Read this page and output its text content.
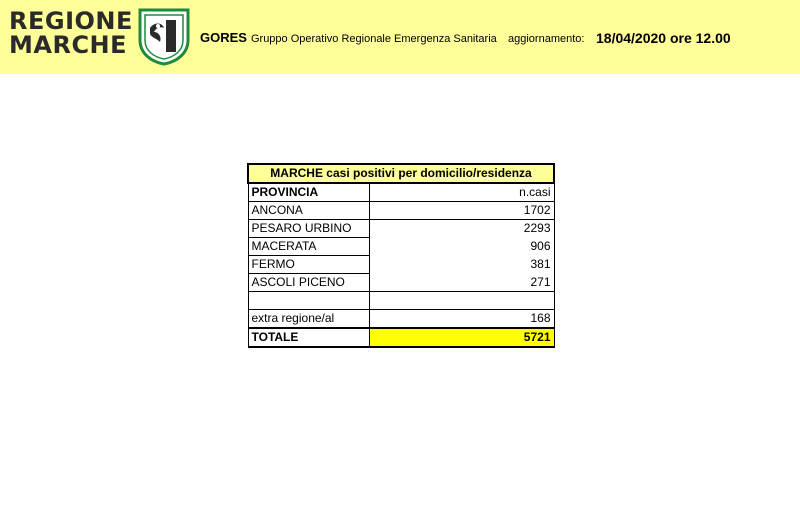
REGIONE
MARCHE	GORES Gruppo Operativo Regionale Emergenza Sanitaria aggiornamento: 18/04/2020 ore 12.00
MARCHE casi positivi per domicilio/residenza	
PROVINCIA	n.casi
ANCONA	1702
PESARO URBINO	2293
MACERATA	906
FERMO	381
ASCOLI PICENO	271

extra regione/al	168
TOTALE	5721
